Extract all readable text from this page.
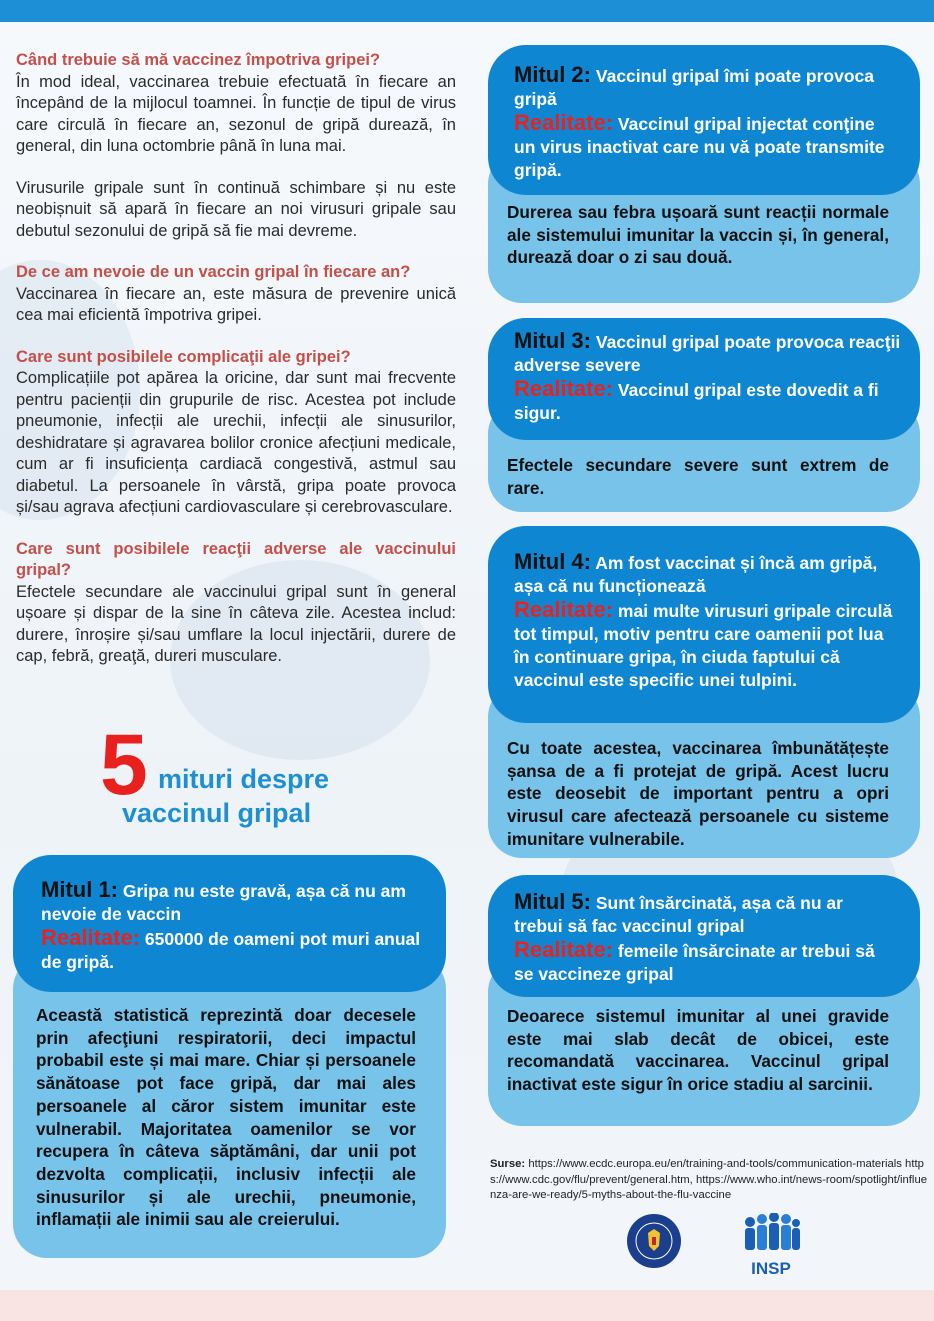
Când trebuie să mă vaccinez împotriva gripei?

În mod ideal, vaccinarea trebuie efectuată în fiecare an începând de la mijlocul toamnei. În funcție de tipul de virus care circulă în fiecare an, sezonul de gripă durează, în general, din luna octombrie până în luna mai.

Virusurile gripale sunt în continuă schimbare și nu este neobișnuit să apară în fiecare an noi virusuri gripale sau debutul sezonului de gripă să fie mai devreme.

De ce am nevoie de un vaccin gripal în fiecare an?

Vaccinarea în fiecare an, este măsura de prevenire unică cea mai eficientă împotriva gripei.

Care sunt posibilele complicaţii ale gripei?

Complicațiile pot apărea la oricine, dar sunt mai frecvente pentru pacienții din grupurile de risc. Acestea pot include pneumonie, infecții ale urechii, infecții ale sinusurilor, deshidratare și agravarea bolilor cronice afecțiuni medicale, cum ar fi insuficiența cardiacă congestivă, astmul sau diabetul. La persoanele în vârstă, gripa poate provoca și/sau agrava afecțiuni cardiovasculare și cerebrovasculare.

Care sunt posibilele reacţii adverse ale vaccinului gripal?

Efectele secundare ale vaccinului gripal sunt în general ușoare și dispar de la sine în câteva zile. Acestea includ: durere, înroșire și/sau umflare la locul injectării, durere de cap, febră, greaţă, dureri musculare.

5 mituri despre
vaccinul gripal
Mitul 1: Gripa nu este gravă, așa că nu am nevoie de vaccin
Realitate: 650000 de oameni pot muri anual de gripă.
Această statistică reprezintă doar decesele prin afecţiuni respiratorii, deci impactul probabil este și mai mare. Chiar și persoanele sănătoase pot face gripă, dar mai ales persoanele al căror sistem imunitar este vulnerabil. Majoritatea oamenilor se vor recupera în câteva săptămâni, dar unii pot dezvolta complicații, inclusiv infecții ale sinusurilor și ale urechii, pneumonie, inflamații ale inimii sau ale creierului.
Mitul 2: Vaccinul gripal îmi poate provoca gripă
Realitate: Vaccinul gripal injectat conţine un virus inactivat care nu vă poate transmite gripă.
Durerea sau febra ușoară sunt reacții normale ale sistemului imunitar la vaccin și, în general, durează doar o zi sau două.
Mitul 3: Vaccinul gripal poate provoca reacţii adverse severe
Realitate: Vaccinul gripal este dovedit a fi sigur.
Efectele secundare severe sunt extrem de rare.
Mitul 4: Am fost vaccinat și încă am gripă, așa că nu funcționează
Realitate: mai multe virusuri gripale circulă tot timpul, motiv pentru care oamenii pot lua în continuare gripa, în ciuda faptului că vaccinul este specific unei tulpini.
Cu toate acestea, vaccinarea îmbunătățește șansa de a fi protejat de gripă. Acest lucru este deosebit de important pentru a opri virusul care afectează persoanele cu sisteme imunitare vulnerabile.
Mitul 5: Sunt însărcinată, așa că nu ar trebui să fac vaccinul gripal
Realitate: femeile însărcinate ar trebui să se vaccineze gripal
Deoarece sistemul imunitar al unei gravide este mai slab decât de obicei, este recomandată vaccinarea. Vaccinul gripal inactivat este sigur în orice stadiu al sarcinii.
Surse: https://www.ecdc.europa.eu/en/training-and-tools/communication-materials https://www.cdc.gov/flu/prevent/general.htm, https://www.who.int/news-room/spotlight/influenza-are-we-ready/5-myths-about-the-flu-vaccine
INSP
